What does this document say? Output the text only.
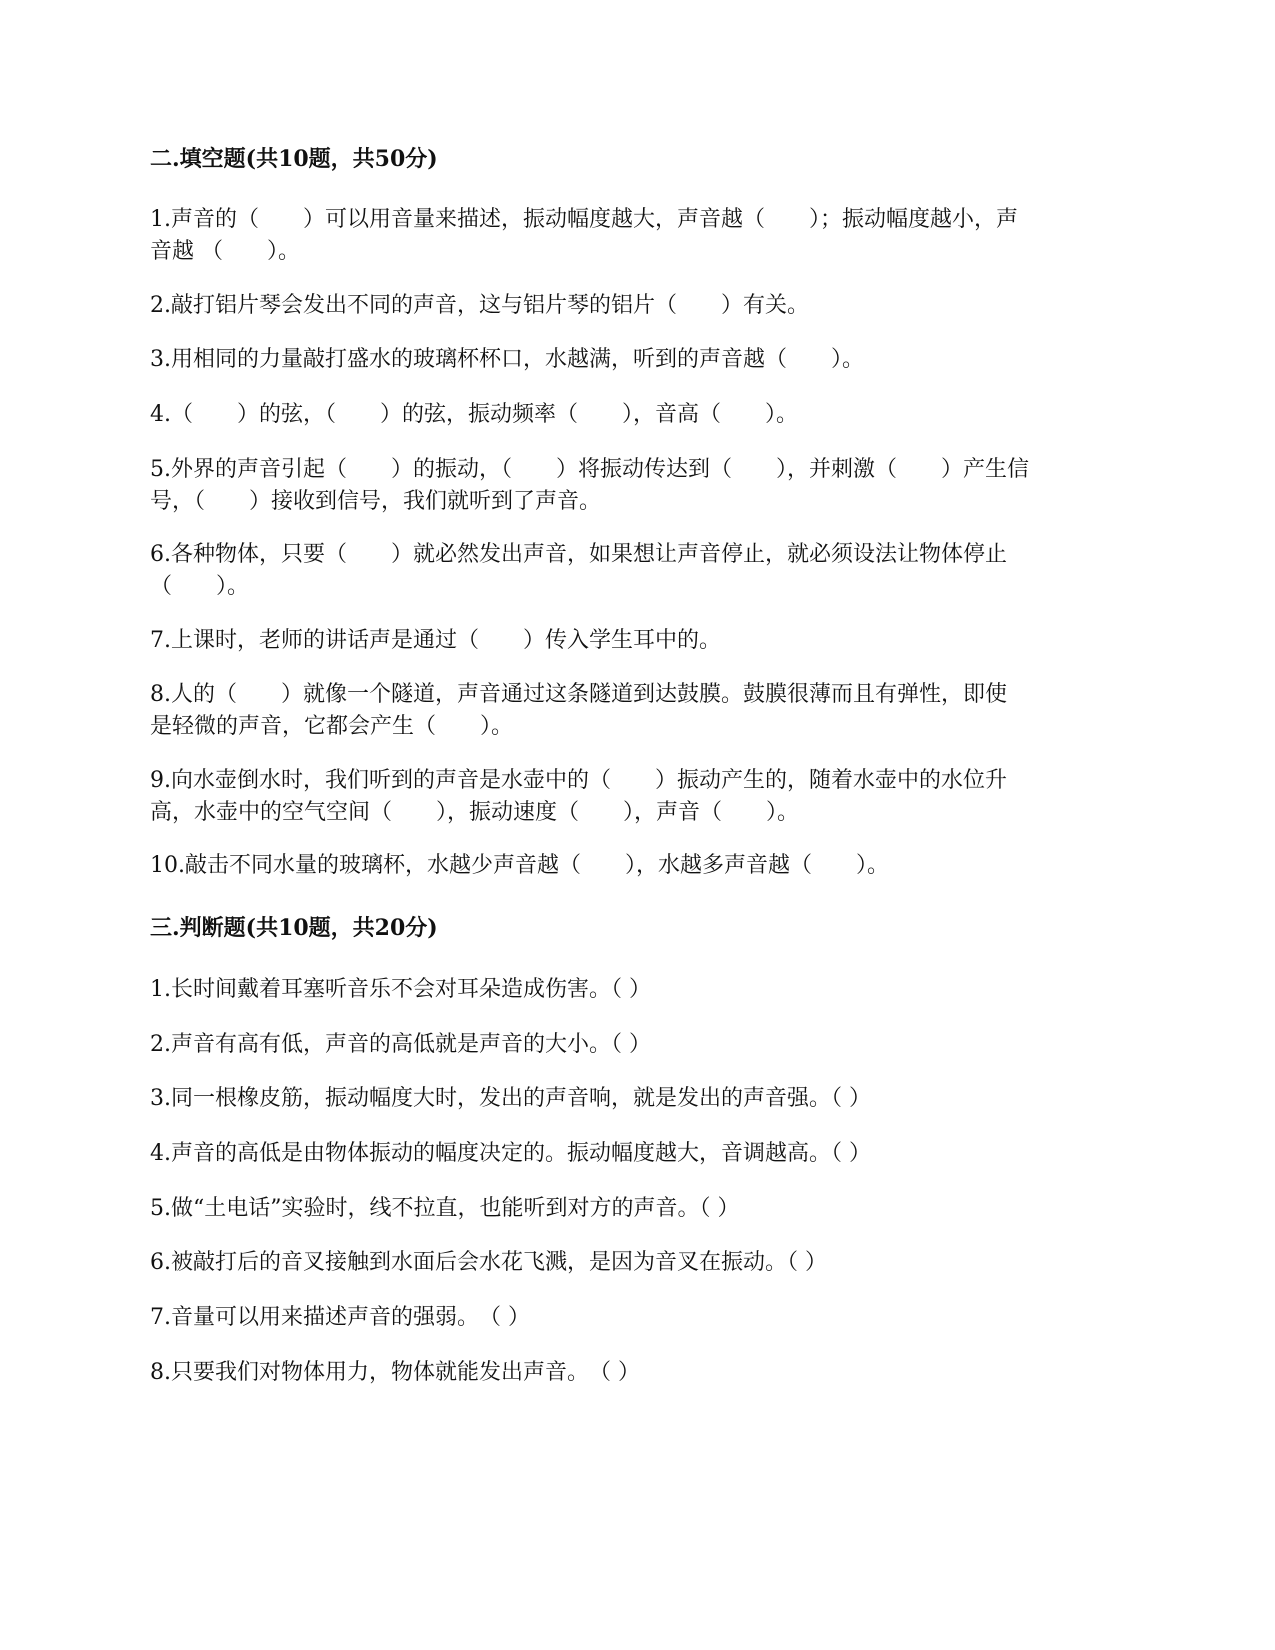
二.填空题(共10题，共50分)

1.声音的（　　）可以用音量来描述，振动幅度越大，声音越（　　）；振动幅度越小，声
音越 （　　）。

2.敲打铝片琴会发出不同的声音，这与铝片琴的铝片（　　）有关。

3.用相同的力量敲打盛水的玻璃杯杯口，水越满，听到的声音越（　　）。

4.（　　）的弦，（　　）的弦，振动频率（　　），音高（　　）。

5.外界的声音引起（　　）的振动，（　　）将振动传达到（　　），并刺激（　　）产生信
号，（　　）接收到信号，我们就听到了声音。

6.各种物体，只要（　　）就必然发出声音，如果想让声音停止，就必须设法让物体停止
（　　）。

7.上课时，老师的讲话声是通过（　　）传入学生耳中的。

8.人的（　　）就像一个隧道，声音通过这条隧道到达鼓膜。鼓膜很薄而且有弹性，即使
是轻微的声音，它都会产生（　　）。

9.向水壶倒水时，我们听到的声音是水壶中的（　　）振动产生的，随着水壶中的水位升
高，水壶中的空气空间（　　），振动速度（　　），声音（　　）。

10.敲击不同水量的玻璃杯，水越少声音越（　　），水越多声音越（　　）。

三.判断题(共10题，共20分)

1.长时间戴着耳塞听音乐不会对耳朵造成伤害。（ ）

2.声音有高有低，声音的高低就是声音的大小。（ ）

3.同一根橡皮筋，振动幅度大时，发出的声音响，就是发出的声音强。（ ）

4.声音的高低是由物体振动的幅度决定的。振动幅度越大，音调越高。（ ）

5.做“土电话”实验时，线不拉直，也能听到对方的声音。（ ）

6.被敲打后的音叉接触到水面后会水花飞溅，是因为音叉在振动。（ ）

7.音量可以用来描述声音的强弱。　（ ）

8.只要我们对物体用力，物体就能发出声音。　（ ）
